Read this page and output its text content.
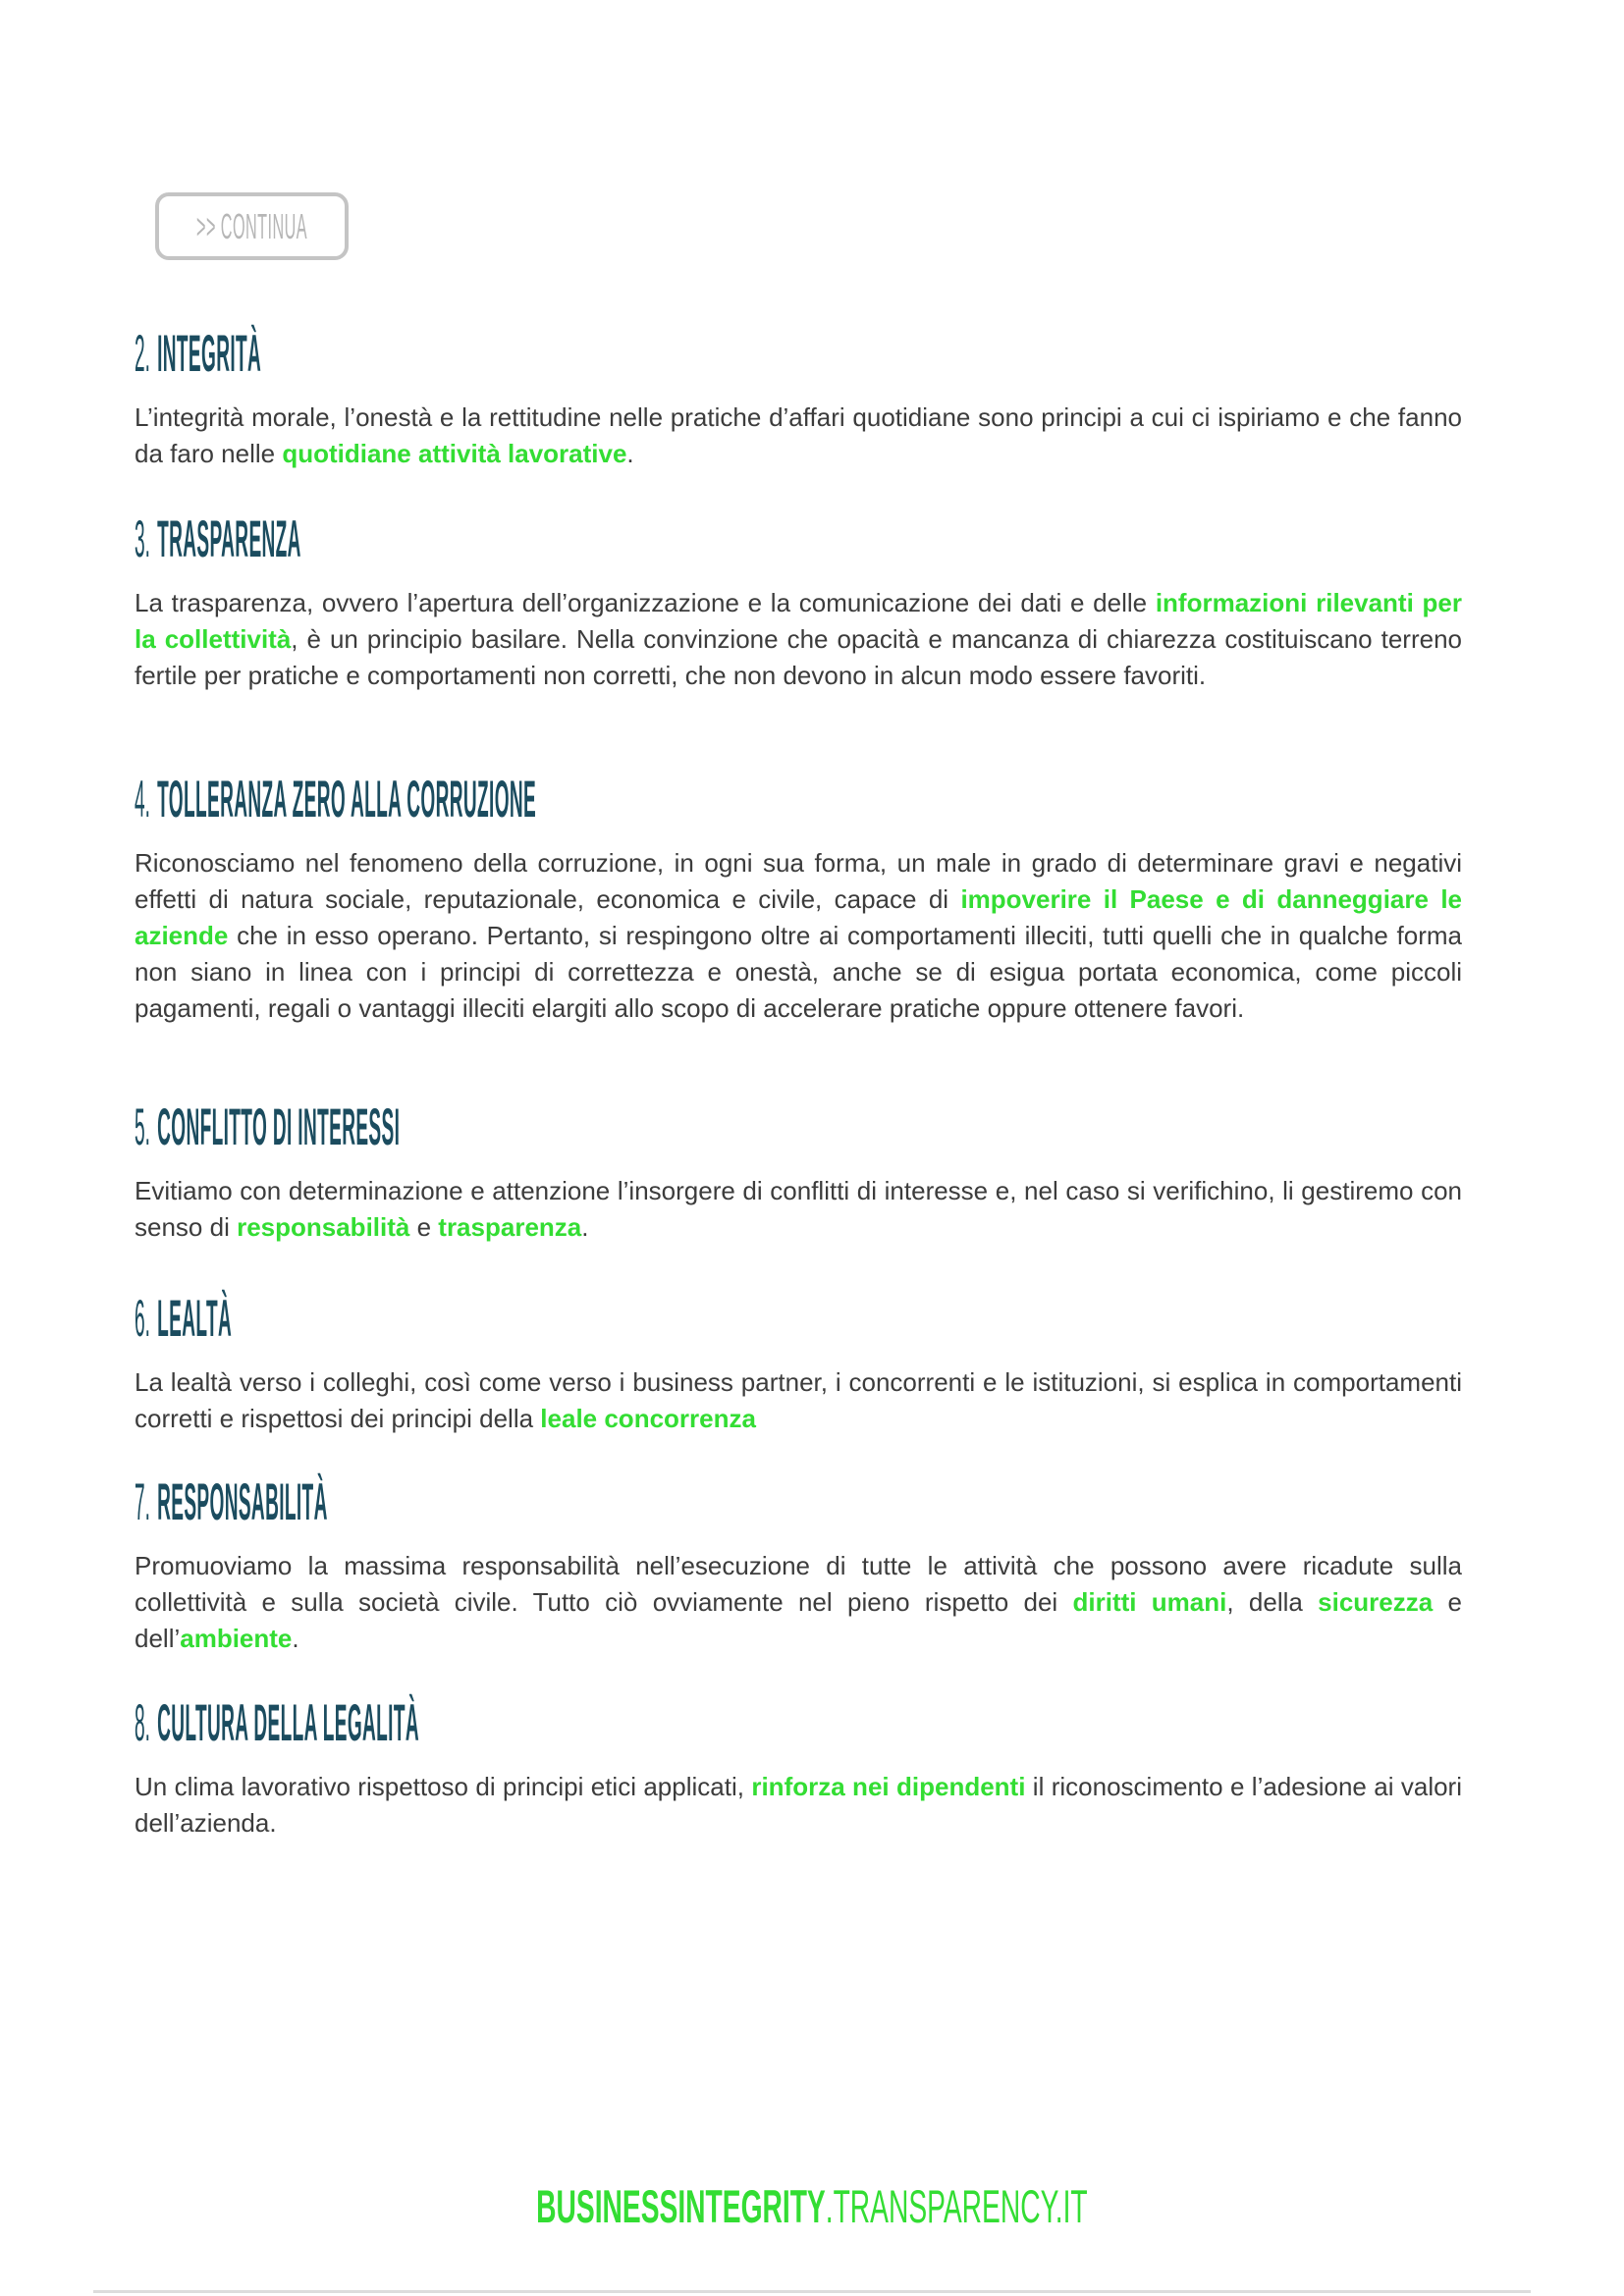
>> CONTINUA
2. INTEGRITÀ

L’integrità morale, l’onestà e la rettitudine nelle pratiche d’affari quotidiane sono principi a cui ci ispiriamo e che fanno da faro nelle quotidiane attività lavorative.

3. TRASPARENZA

La trasparenza, ovvero l’apertura dell’organizzazione e la comunicazione dei dati e delle informazioni rilevanti per la collettività, è un principio basilare. Nella convinzione che opacità e mancanza di chiarezza costituiscano terreno fertile per pratiche e comportamenti non corretti, che non devono in alcun modo essere favoriti.

4. TOLLERANZA ZERO ALLA CORRUZIONE

Riconosciamo nel fenomeno della corruzione, in ogni sua forma, un male in grado di determinare gravi e negativi effetti di natura sociale, reputazionale, economica e civile, capace di impoverire il Paese e di danneggiare le aziende che in esso operano. Pertanto, si respingono oltre ai comportamenti illeciti, tutti quelli che in qualche forma non siano in linea con i principi di correttezza e onestà, anche se di esigua portata economica, come piccoli pagamenti, regali o vantaggi illeciti elargiti allo scopo di accelerare pratiche oppure ottenere favori.

5. CONFLITTO DI INTERESSI

Evitiamo con determinazione e attenzione l’insorgere di conflitti di interesse e, nel caso si verifichino, li gestiremo con senso di responsabilità e trasparenza.

6. LEALTÀ

La lealtà verso i colleghi, così come verso i business partner, i concorrenti e le istituzioni, si esplica in comportamenti corretti e rispettosi dei principi della leale concorrenza

7. RESPONSABILITÀ

Promuoviamo la massima responsabilità nell’esecuzione di tutte le attività che possono avere ricadute sulla collettività e sulla società civile. Tutto ciò ovviamente nel pieno rispetto dei diritti umani, della sicurezza e dell’ambiente.

8. CULTURA DELLA LEGALITÀ

Un clima lavorativo rispettoso di principi etici applicati, rinforza nei dipendenti il riconoscimento e l’adesione ai valori dell’azienda.

BUSINESSINTEGRITY.TRANSPARENCY.IT
